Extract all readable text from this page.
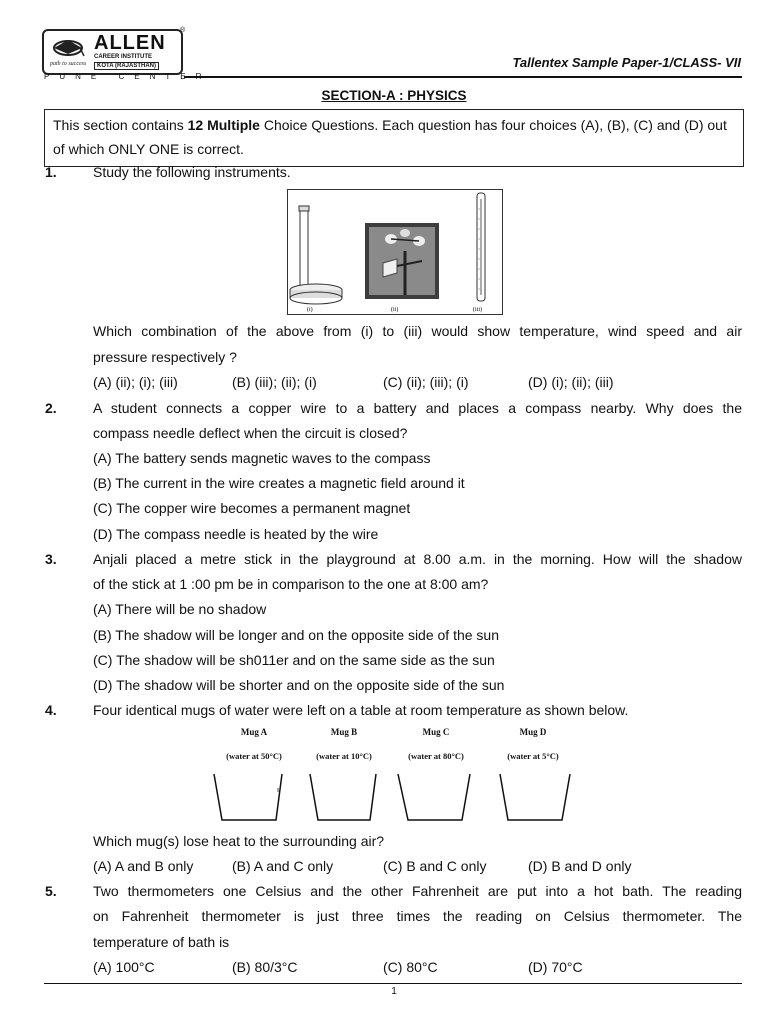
path to success
ALLEN
CAREER INSTITUTE
KOTA (RAJASTHAN)
®
PUNE CENTER
Tallentex Sample Paper-1/CLASS- VII
SECTION-A : PHYSICS
This section contains 12 Multiple Choice Questions. Each question has four choices (A), (B), (C) and (D) out of which ONLY ONE is correct.
1.	Study the following instruments.
(i)	(ii)	(iii)
Which combination of the above from (i) to (iii) would show temperature, wind speed and air
pressure respectively ?
(A) (ii); (i); (iii)	(B) (iii); (ii); (i)	(C) (ii); (iii); (i)	(D) (i); (ii); (iii)
2.	A student connects a copper wire to a battery and places a compass nearby. Why does the
compass needle deflect when the circuit is closed?
(A) The battery sends magnetic waves to the compass
(B) The current in the wire creates a magnetic field around it
(C) The copper wire becomes a permanent magnet
(D) The compass needle is heated by the wire
3.	Anjali placed a metre stick in the playground at 8.00 a.m. in the morning. How will the shadow
of the stick at 1 :00 pm be in comparison to the one at 8:00 am?
(A) There will be no shadow
(B) The shadow will be longer and on the opposite side of the sun
(C) The shadow will be sh011er and on the same side as the sun
(D) The shadow will be shorter and on the opposite side of the sun
4.	Four identical mugs of water were left on a table at room temperature as shown below.
Mug A
(water at 50°C)
Mug B
(water at 10°C)
Mug C
(water at 80°C)
Mug D
(water at 5°C)
Which mug(s) lose heat to the surrounding air?
(A) A and B only	(B) A and C only	(C) B and C only	(D) B and D only
5.	Two thermometers one Celsius and the other Fahrenheit are put into a hot bath. The reading
on Fahrenheit thermometer is just three times the reading on Celsius thermometer. The
temperature of bath is
(A) 100°C	(B) 80/3°C	(C) 80°C	(D) 70°C
1
